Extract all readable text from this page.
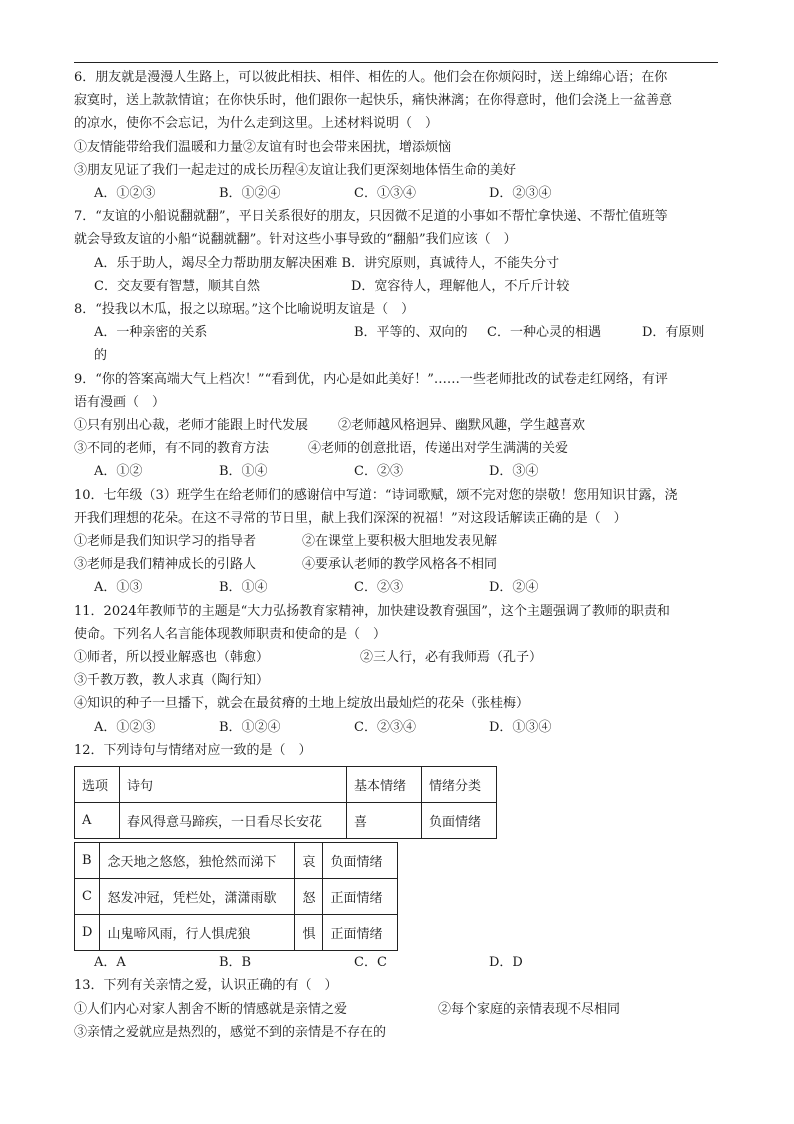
6．朋友就是漫漫人生路上，可以彼此相扶、相伴、相佐的人。他们会在你烦闷时，送上绵绵心语；在你

寂寞时，送上款款情谊；在你快乐时，他们跟你一起快乐，痛快淋漓；在你得意时，他们会浇上一盆善意

的凉水，使你不会忘记，为什么走到这里。上述材料说明（　）

①友情能带给我们温暖和力量②友谊有时也会带来困扰，增添烦恼

③朋友见证了我们一起走过的成长历程④友谊让我们更深刻地体悟生命的美好

A．①②③	B．①②④	C．①③④	D．②③④

7．“友谊的小船说翻就翻”，平日关系很好的朋友，只因微不足道的小事如不帮忙拿快递、不帮忙值班等

就会导致友谊的小船“说翻就翻”。针对这些小事导致的“翻船”我们应该（　）

A．乐于助人，竭尽全力帮助朋友解决困难 B．讲究原则，真诚待人，不能失分寸

C．交友要有智慧，顺其自然　　　　　　　D．宽容待人，理解他人，不斤斤计较

8．“投我以木瓜，报之以琼琚。”这个比喻说明友谊是（　）

A．一种亲密的关系	B．平等的、双向的	C．一种心灵的相遇	D．有原则

的

9．“你的答案高端大气上档次！”“看到优，内心是如此美好！”……一些老师批改的试卷走红网络，有评

语有漫画（　）

①只有别出心裁，老师才能跟上时代发展	②老师越风格迥异、幽默风趣，学生越喜欢
③不同的老师，有不同的教育方法	④老师的创意批语，传递出对学生满满的关爱
A．①②	B．①④	C．②③	D．③④

10．七年级（3）班学生在给老师们的感谢信中写道：“诗词歌赋，颂不完对您的崇敬！您用知识甘露，浇

开我们理想的花朵。在这不寻常的节日里，献上我们深深的祝福！”对这段话解读正确的是（　）

①老师是我们知识学习的指导者	②在课堂上要积极大胆地发表见解
③老师是我们精神成长的引路人	④要承认老师的教学风格各不相同
A．①③	B．①④	C．②③	D．②④

11．2024年教师节的主题是“大力弘扬教育家精神，加快建设教育强国”，这个主题强调了教师的职责和

使命。下列名人名言能体现教师职责和使命的是（　）

①师者，所以授业解惑也（韩愈）	②三人行，必有我师焉（孔子）

③千教万教，教人求真（陶行知）

④知识的种子一旦播下，就会在最贫瘠的土地上绽放出最灿烂的花朵（张桂梅）

A．①②③	B．①②④	C．②③④	D．①③④

12．下列诗句与情绪对应一致的是（　）

选项	诗句	基本情绪	情绪分类
A	春风得意马蹄疾，一日看尽长安花	喜	负面情绪
B	念天地之悠悠，独怆然而涕下	哀	负面情绪
C	怒发冲冠，凭栏处，潇潇雨歇	怒	正面情绪
D	山鬼啼风雨，行人惧虎狼	惧	正面情绪
A．A	B．B	C．C	D．D

13．下列有关亲情之爱，认识正确的有（　）

①人们内心对家人割舍不断的情感就是亲情之爱	②每个家庭的亲情表现不尽相同

③亲情之爱就应是热烈的，感觉不到的亲情是不存在的
